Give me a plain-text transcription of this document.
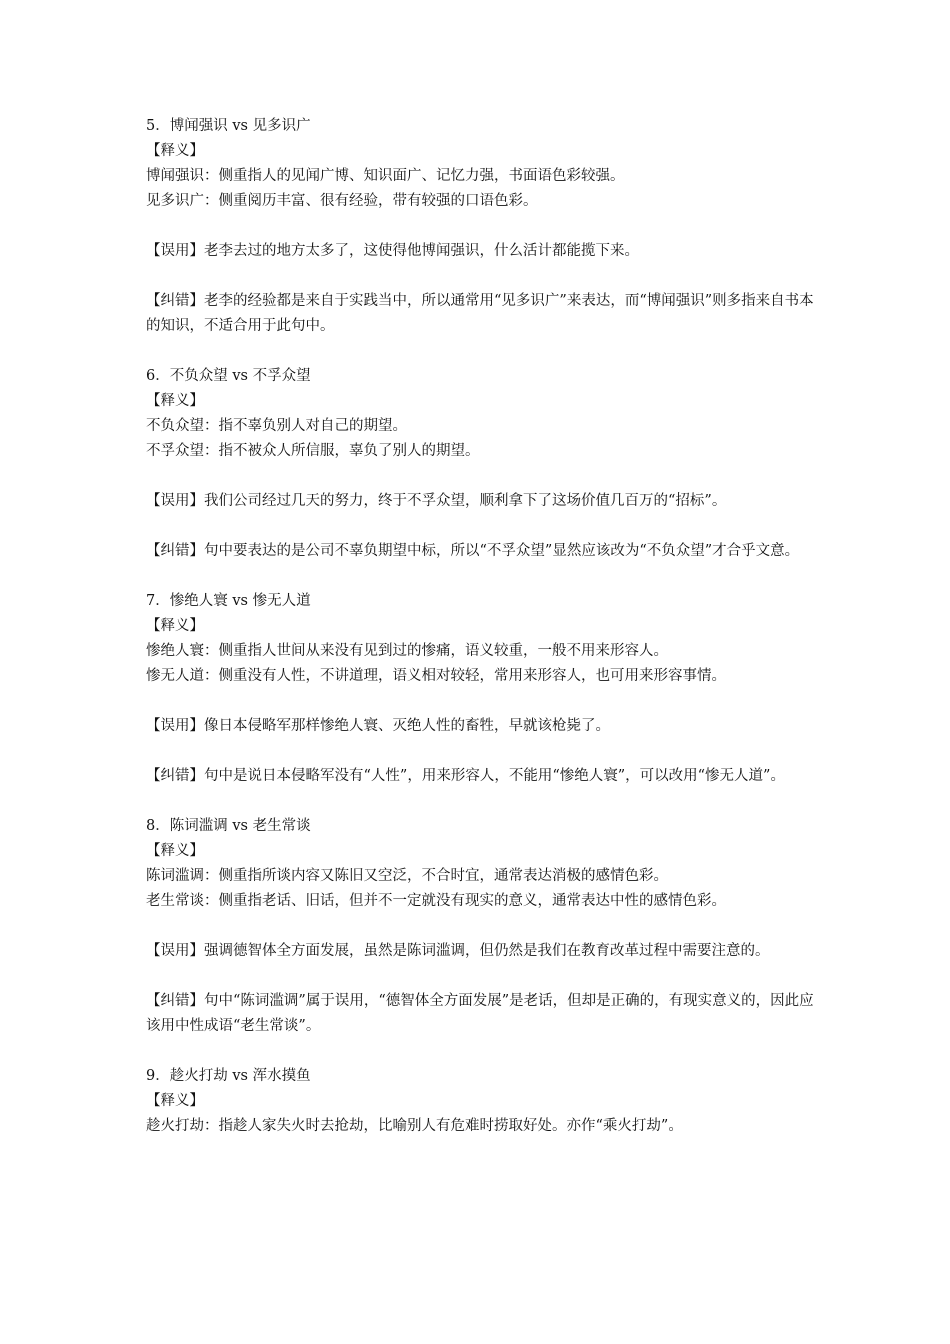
5．博闻强识 vs 见多识广
【释义】
博闻强识：侧重指人的见闻广博、知识面广、记忆力强，书面语色彩较强。
见多识广：侧重阅历丰富、很有经验，带有较强的口语色彩。
【误用】老李去过的地方太多了，这使得他博闻强识，什么活计都能揽下来。
【纠错】老李的经验都是来自于实践当中，所以通常用“见多识广”来表达，而“博闻强识”则多指来自书本的知识，不适合用于此句中。
6．不负众望 vs 不孚众望
【释义】
不负众望：指不辜负别人对自己的期望。
不孚众望：指不被众人所信服，辜负了别人的期望。
【误用】我们公司经过几天的努力，终于不孚众望，顺利拿下了这场价值几百万的“招标”。
【纠错】句中要表达的是公司不辜负期望中标，所以“不孚众望”显然应该改为“不负众望”才合乎文意。
7．惨绝人寰 vs 惨无人道
【释义】
惨绝人寰：侧重指人世间从来没有见到过的惨痛，语义较重，一般不用来形容人。
惨无人道：侧重没有人性，不讲道理，语义相对较轻，常用来形容人，也可用来形容事情。
【误用】像日本侵略军那样惨绝人寰、灭绝人性的畜牲，早就该枪毙了。
【纠错】句中是说日本侵略军没有“人性”，用来形容人，不能用“惨绝人寰”，可以改用“惨无人道”。
8．陈词滥调 vs 老生常谈
【释义】
陈词滥调：侧重指所谈内容又陈旧又空泛，不合时宜，通常表达消极的感情色彩。
老生常谈：侧重指老话、旧话，但并不一定就没有现实的意义，通常表达中性的感情色彩。
【误用】强调德智体全方面发展，虽然是陈词滥调，但仍然是我们在教育改革过程中需要注意的。
【纠错】句中“陈词滥调”属于误用，“德智体全方面发展”是老话，但却是正确的，有现实意义的，因此应该用中性成语“老生常谈”。
9．趁火打劫 vs 浑水摸鱼
【释义】
趁火打劫：指趁人家失火时去抢劫，比喻别人有危难时捞取好处。亦作“乘火打劫”。
